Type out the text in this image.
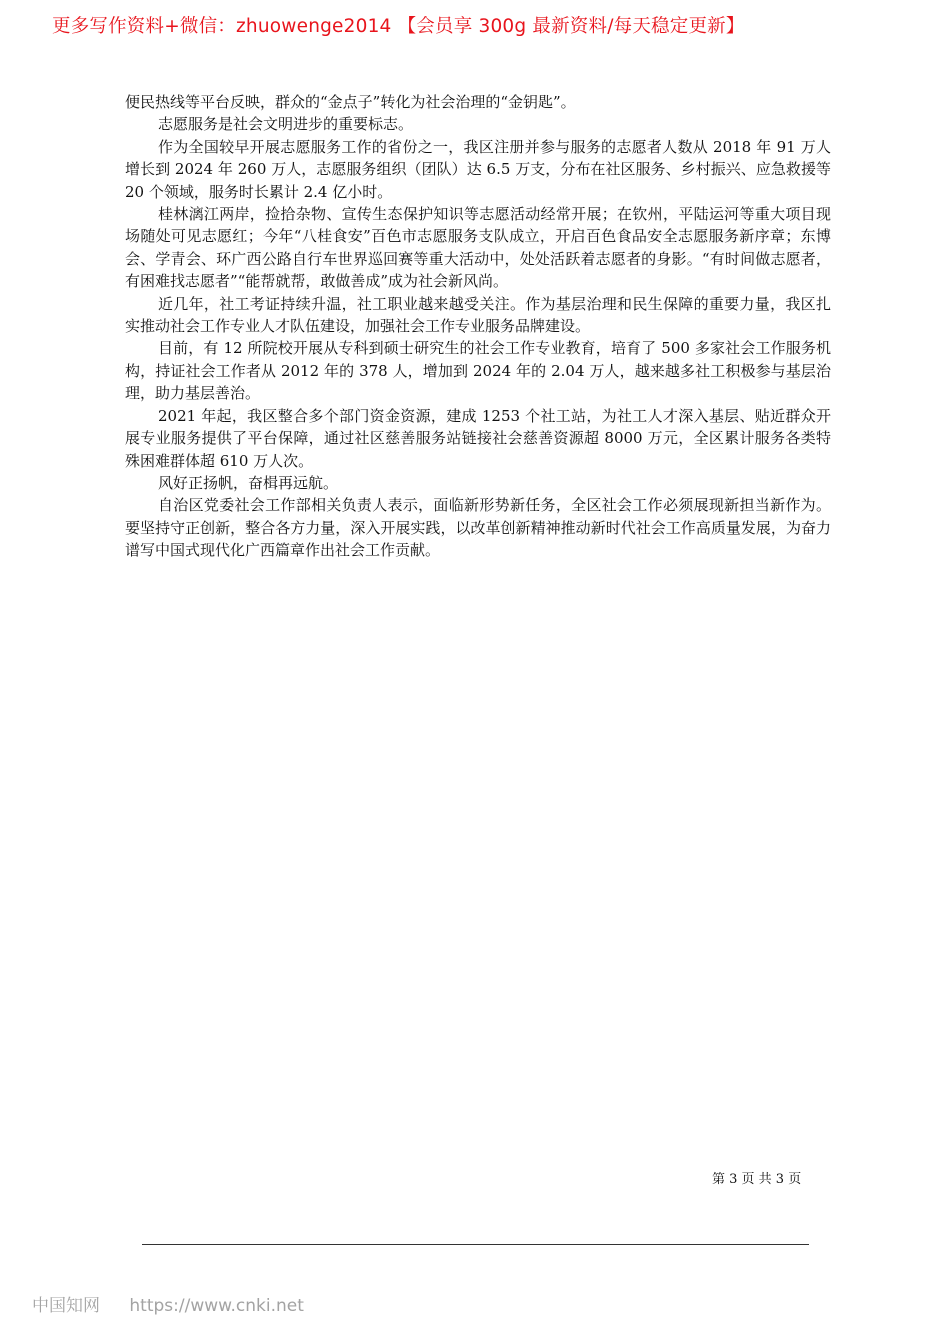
更多写作资料+微信：zhuowenge2014 【会员享 300g 最新资料/每天稳定更新】

便民热线等平台反映，群众的“金点子”转化为社会治理的“金钥匙”。

志愿服务是社会文明进步的重要标志。

作为全国较早开展志愿服务工作的省份之一，我区注册并参与服务的志愿者人数从 2018 年 91 万人增长到 2024 年 260 万人，志愿服务组织（团队）达 6.5 万支，分布在社区服务、乡村振兴、应急救援等 20 个领域，服务时长累计 2.4 亿小时。

桂林漓江两岸，捡拾杂物、宣传生态保护知识等志愿活动经常开展；在钦州，平陆运河等重大项目现场随处可见志愿红；今年“八桂食安”百色市志愿服务支队成立，开启百色食品安全志愿服务新序章；东博会、学青会、环广西公路自行车世界巡回赛等重大活动中，处处活跃着志愿者的身影。“有时间做志愿者，有困难找志愿者”“能帮就帮，敢做善成”成为社会新风尚。

近几年，社工考证持续升温，社工职业越来越受关注。作为基层治理和民生保障的重要力量，我区扎实推动社会工作专业人才队伍建设，加强社会工作专业服务品牌建设。

目前，有 12 所院校开展从专科到硕士研究生的社会工作专业教育，培育了 500 多家社会工作服务机构，持证社会工作者从 2012 年的 378 人，增加到 2024 年的 2.04 万人，越来越多社工积极参与基层治理，助力基层善治。

2021 年起，我区整合多个部门资金资源，建成 1253 个社工站，为社工人才深入基层、贴近群众开展专业服务提供了平台保障，通过社区慈善服务站链接社会慈善资源超 8000 万元，全区累计服务各类特殊困难群体超 610 万人次。

风好正扬帆，奋楫再远航。

自治区党委社会工作部相关负责人表示，面临新形势新任务，全区社会工作必须展现新担当新作为。要坚持守正创新，整合各方力量，深入开展实践，以改革创新精神推动新时代社会工作高质量发展，为奋力谱写中国式现代化广西篇章作出社会工作贡献。

第 3 页 共 3 页
中国知网 https://www.cnki.net
